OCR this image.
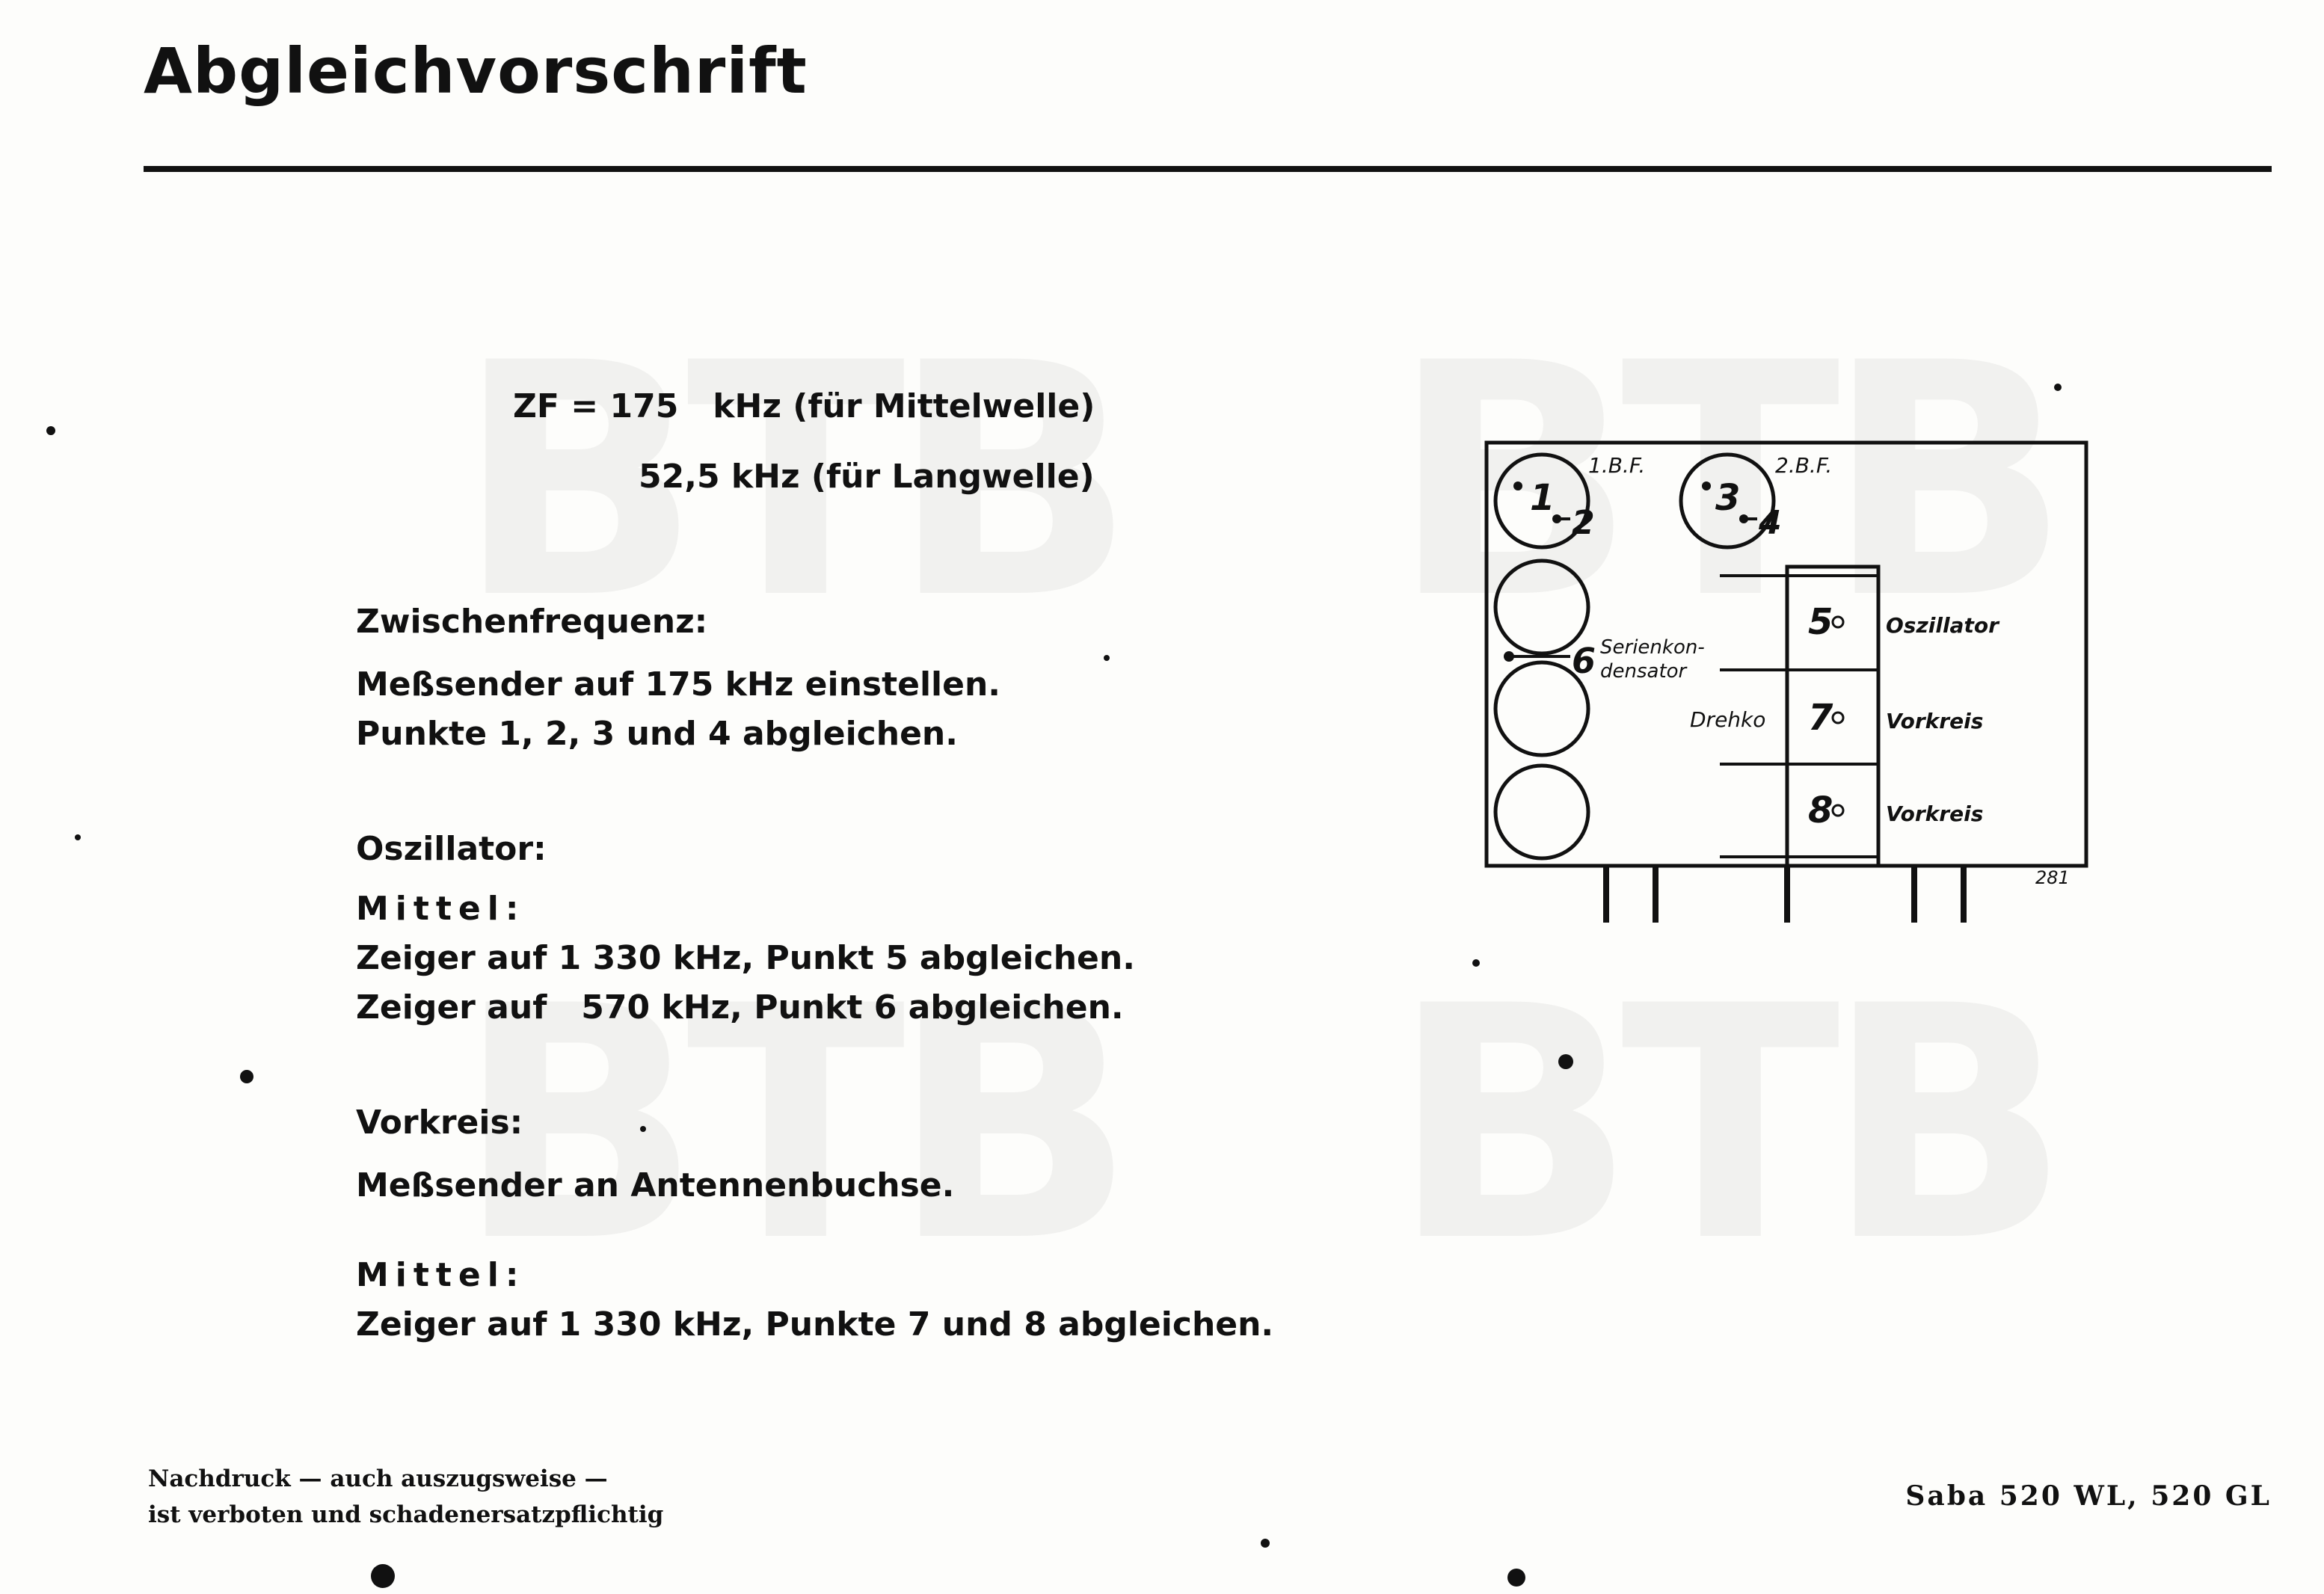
Abgleichvorschrift
ZF = 175   kHz (für Mittelwelle)
52,5 kHz (für Langwelle)
Zwischenfrequenz:
Meßsender auf 175 kHz einstellen.
Punkte 1, 2, 3 und 4 abgleichen.
Oszillator:
Mittel:
Zeiger auf 1 330 kHz, Punkt 5 abgleichen.
Zeiger auf   570 kHz, Punkt 6 abgleichen.
Vorkreis:
Meßsender an Antennenbuchse.
Mittel:
Zeiger auf 1 330 kHz, Punkte 7 und 8 abgleichen.
1
2
3
4
5
6
7
8
1.B.F.	2.B.F.
Serienkon-
densator
Drehko
Oszillator
Vorkreis
Vorkreis
281
Nachdruck — auch auszugsweise —
ist verboten und schadenersatzpflichtig
Saba 520 WL, 520 GL
